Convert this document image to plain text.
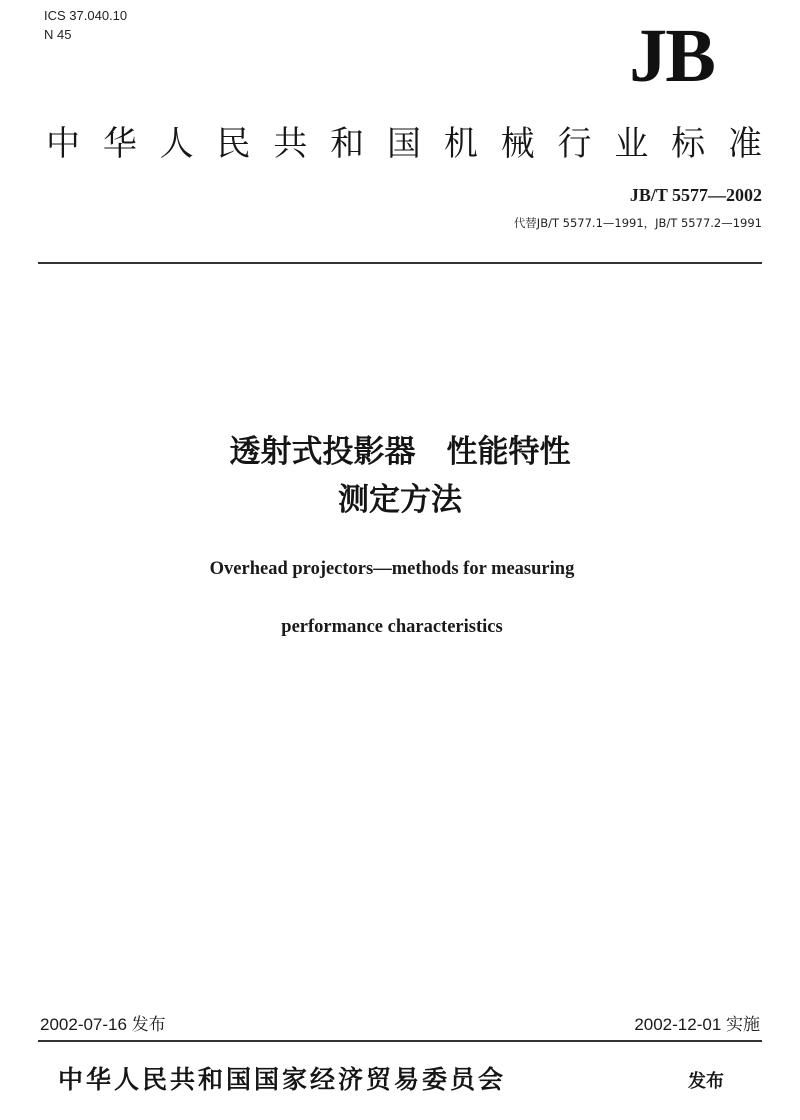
ICS 37.040.10
N 45	JB
中华人民共和国机械行业标准
JB/T 5577—2002
代替JB/T 5577.1—1991，JB/T 5577.2—1991
透射式投影器　性能特性
测定方法
Overhead projectors—methods for measuring
performance characteristics
2002-07-16 发布	2002-12-01 实施
中华人民共和国国家经济贸易委员会	发布
